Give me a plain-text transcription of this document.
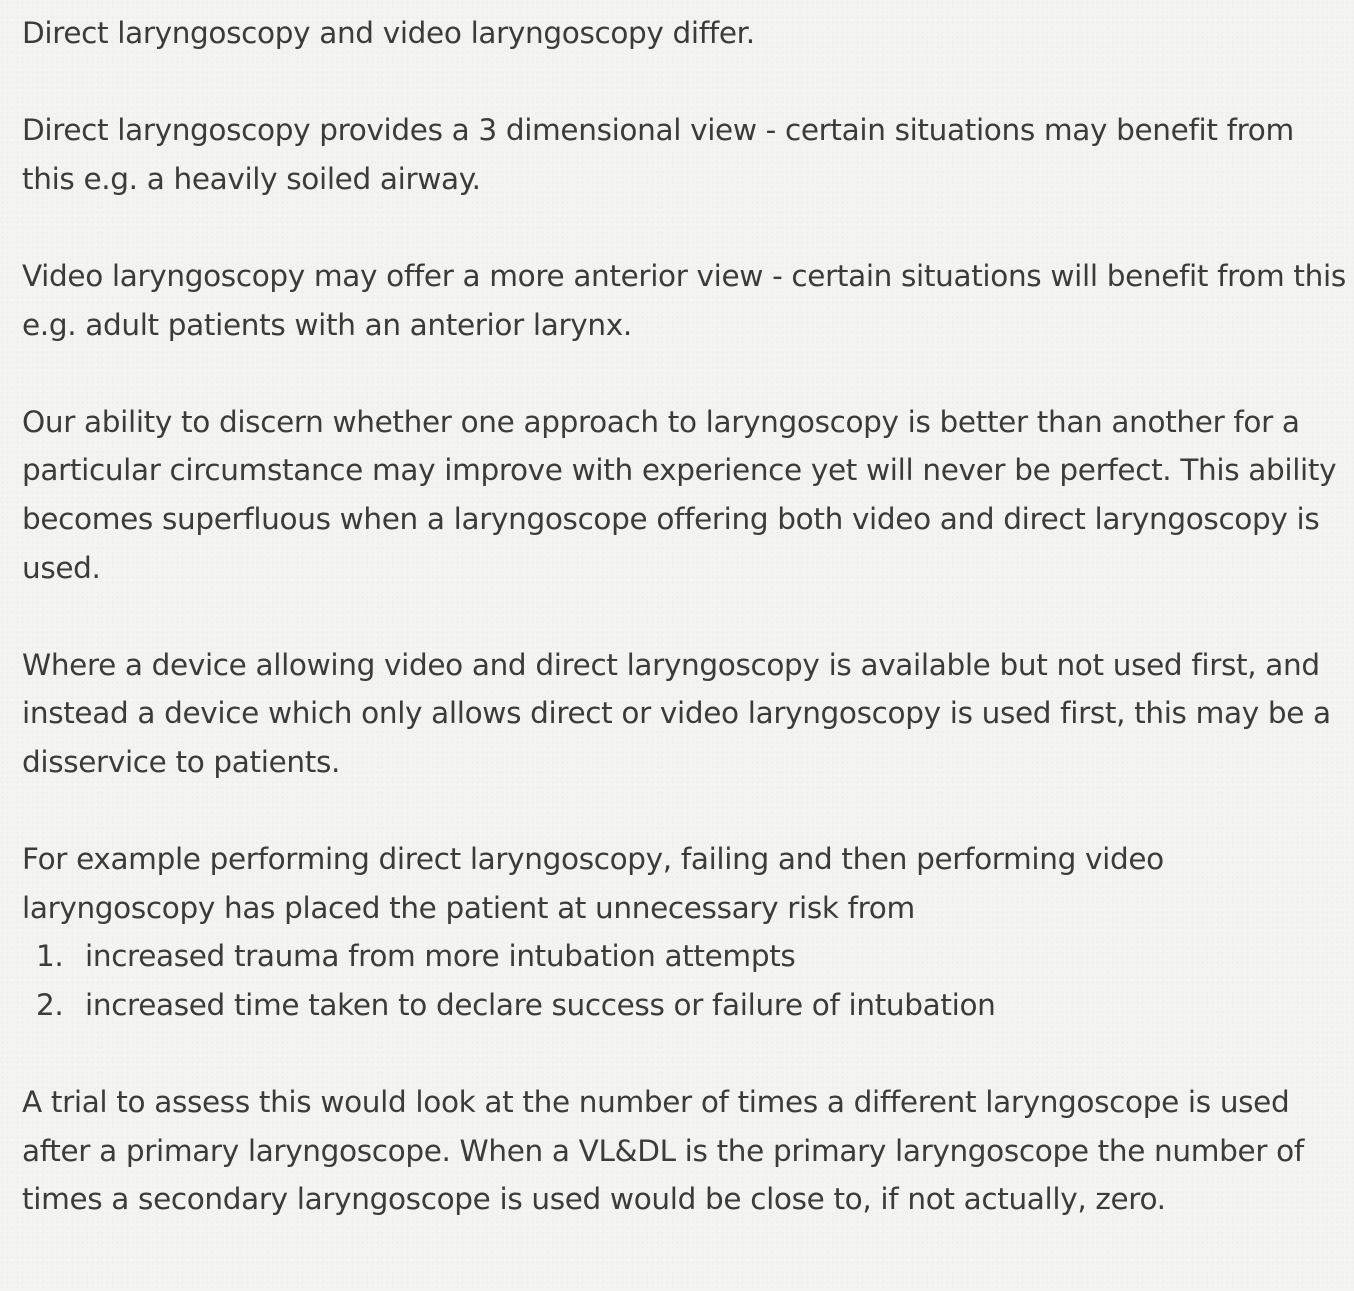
Direct laryngoscopy and video laryngoscopy differ.

Direct laryngoscopy provides a 3 dimensional view - certain situations may benefit from this e.g. a heavily soiled airway.

Video laryngoscopy may offer a more anterior view - certain situations will benefit from this e.g. adult patients with an anterior larynx.

Our ability to discern whether one approach to laryngoscopy is better than another for a particular circumstance may improve with experience yet will never be perfect. This ability becomes superfluous when a laryngoscope offering both video and direct laryngoscopy is used.

Where a device allowing video and direct laryngoscopy is available but not used first, and instead a device which only allows direct or video laryngoscopy is used first, this may be a disservice to patients.

For example performing direct laryngoscopy, failing and then performing video laryngoscopy has placed the patient at unnecessary risk from

1. increased trauma from more intubation attempts
2. increased time taken to declare success or failure of intubation

A trial to assess this would look at the number of times a different laryngoscope is used after a primary laryngoscope. When a VL&DL is the primary laryngoscope the number of times a secondary laryngoscope is used would be close to, if not actually, zero.
